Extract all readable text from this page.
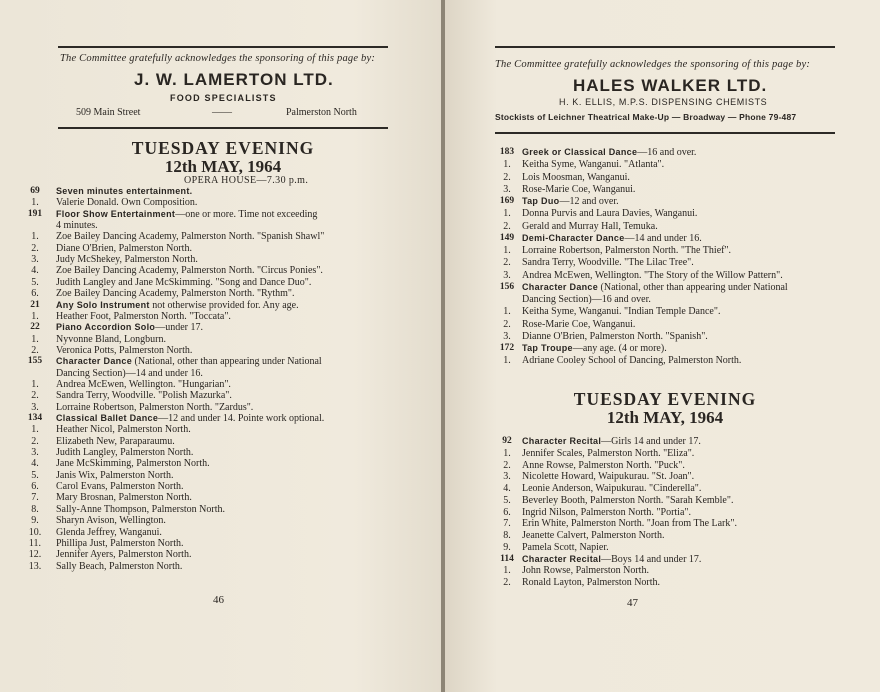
The Committee gratefully acknowledges the sponsoring of this page by:
J. W. LAMERTON LTD.
FOOD SPECIALISTS
509 Main Street	——	Palmerston North
TUESDAY EVENING
12th MAY, 1964
OPERA HOUSE—7.30 p.m.
69	Seven minutes entertainment.
1.	Valerie Donald. Own Composition.
191	Floor Show Entertainment—one or more. Time not exceeding
4 minutes.
1.	Zoe Bailey Dancing Academy, Palmerston North. "Spanish Shawl"
2.	Diane O'Brien, Palmerston North.
3.	Judy McShekey, Palmerston North.
4.	Zoe Bailey Dancing Academy, Palmerston North. "Circus Ponies".
5.	Judith Langley and Jane McSkimming. "Song and Dance Duo".
6.	Zoe Bailey Dancing Academy, Palmerston North. "Rythm".
21	Any Solo Instrument not otherwise provided for. Any age.
1.	Heather Foot, Palmerston North. "Toccata".
22	Piano Accordion Solo—under 17.
1.	Nyvonne Bland, Longburn.
2.	Veronica Potts, Palmerston North.
155	Character Dance (National, other than appearing under National
Dancing Section)—14 and under 16.
1.	Andrea McEwen, Wellington. "Hungarian".
2.	Sandra Terry, Woodville. "Polish Mazurka".
3.	Lorraine Robertson, Palmerston North. "Zardus".
134	Classical Ballet Dance—12 and under 14. Pointe work optional.
1.	Heather Nicol, Palmerston North.
2.	Elizabeth New, Paraparaumu.
3.	Judith Langley, Palmerston North.
4.	Jane McSkimming, Palmerston North.
5.	Janis Wix, Palmerston North.
6.	Carol Evans, Palmerston North.
7.	Mary Brosnan, Palmerston North.
8.	Sally-Anne Thompson, Palmerston North.
9.	Sharyn Avison, Wellington.
10.	Glenda Jeffrey, Wanganui.
11.	Phillipa Just, Palmerston North.
12.	Jennifer Ayers, Palmerston North.
13.	Sally Beach, Palmerston North.
46
The Committee gratefully acknowledges the sponsoring of this page by:
HALES WALKER LTD.
H. K. ELLIS, M.P.S. DISPENSING CHEMISTS
Stockists of Leichner Theatrical Make-Up — Broadway — Phone 79-487
183 Greek or Classical Dance—16 and over.
1.	Keitha Syme, Wanganui. "Atlanta".
2.	Lois Moosman, Wanganui.
3.	Rose-Marie Coe, Wanganui.
169 Tap Duo—12 and over.
1.	Donna Purvis and Laura Davies, Wanganui.
2.	Gerald and Murray Hall, Temuka.
149 Demi-Character Dance—14 and under 16.
1.	Lorraine Robertson, Palmerston North. "The Thief".
2.	Sandra Terry, Woodville. "The Lilac Tree".
3.	Andrea McEwen, Wellington. "The Story of the Willow Pattern".
156 Character Dance (National, other than appearing under National
Dancing Section)—16 and over.
1.	Keitha Syme, Wanganui. "Indian Temple Dance".
2.	Rose-Marie Coe, Wanganui.
3.	Dianne O'Brien, Palmerston North. "Spanish".
172 Tap Troupe—any age. (4 or more).
1.	Adriane Cooley School of Dancing, Palmerston North.
TUESDAY EVENING
12th MAY, 1964
92	Character Recital—Girls 14 and under 17.
1.	Jennifer Scales, Palmerston North. "Eliza".
2.	Anne Rowse, Palmerston North. "Puck".
3.	Nicolette Howard, Waipukurau. "St. Joan".
4.	Leonie Anderson, Waipukurau. "Cinderella".
5.	Beverley Booth, Palmerston North. "Sarah Kemble".
6.	Ingrid Nilson, Palmerston North. "Portia".
7.	Erin White, Palmerston North. "Joan from The Lark".
8.	Jeanette Calvert, Palmerston North.
9.	Pamela Scott, Napier.
114 Character Recital—Boys 14 and under 17.
1.	John Rowse, Palmerston North.
2.	Ronald Layton, Palmerston North.
47
